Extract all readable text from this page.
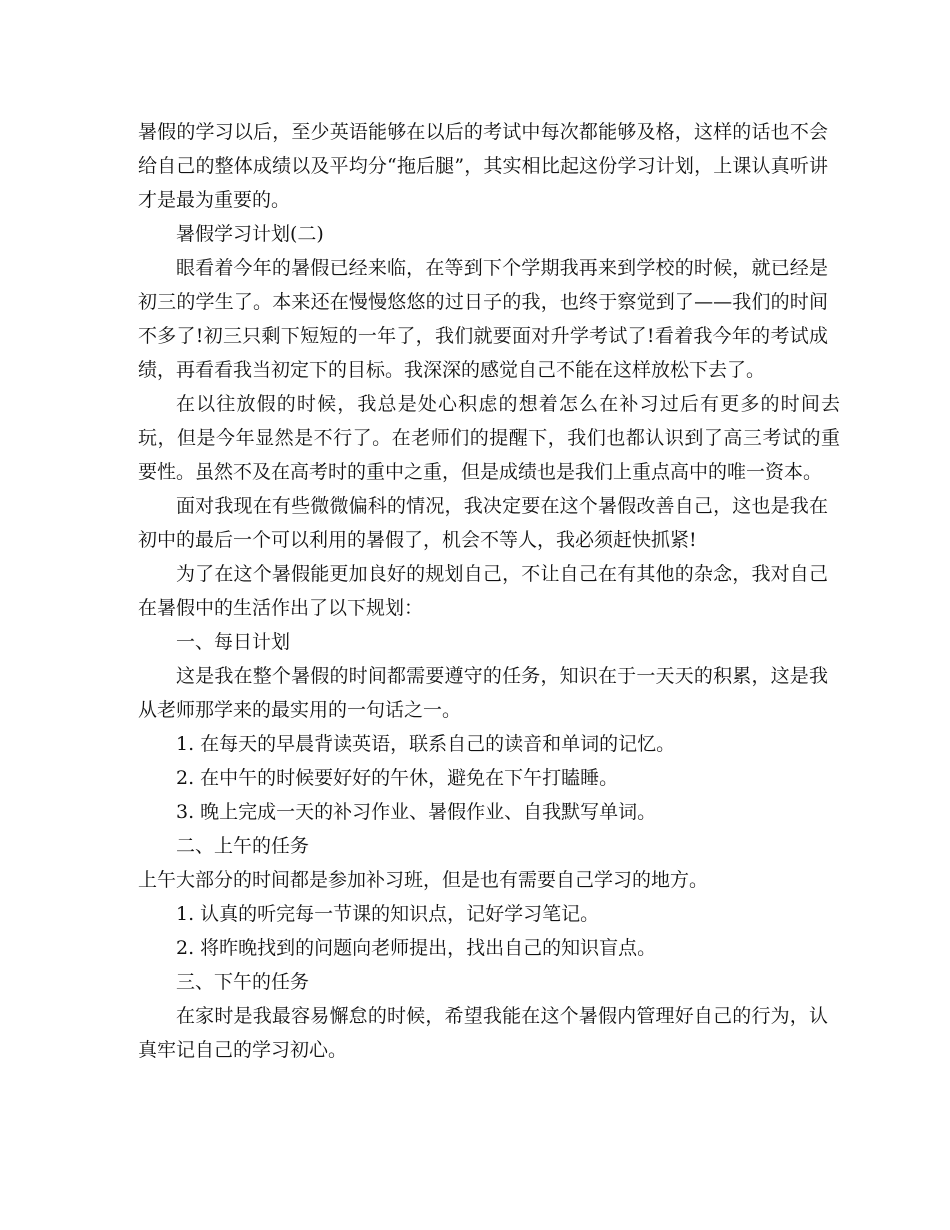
暑假的学习以后，至少英语能够在以后的考试中每次都能够及格，这样的话也不会给自己的整体成绩以及平均分“拖后腿”，其实相比起这份学习计划，上课认真听讲才是最为重要的。

暑假学习计划(二)

眼看着今年的暑假已经来临，在等到下个学期我再来到学校的时候，就已经是初三的学生了。本来还在慢慢悠悠的过日子的我，也终于察觉到了——我们的时间不多了!初三只剩下短短的一年了，我们就要面对升学考试了!看着我今年的考试成绩，再看看我当初定下的目标。我深深的感觉自己不能在这样放松下去了。

在以往放假的时候，我总是处心积虑的想着怎么在补习过后有更多的时间去玩，但是今年显然是不行了。在老师们的提醒下，我们也都认识到了高三考试的重要性。虽然不及在高考时的重中之重，但是成绩也是我们上重点高中的唯一资本。

面对我现在有些微微偏科的情况，我决定要在这个暑假改善自己，这也是我在初中的最后一个可以利用的暑假了，机会不等人，我必须赶快抓紧!

为了在这个暑假能更加良好的规划自己，不让自己在有其他的杂念，我对自己在暑假中的生活作出了以下规划：

一、每日计划

这是我在整个暑假的时间都需要遵守的任务，知识在于一天天的积累，这是我从老师那学来的最实用的一句话之一。

1. 在每天的早晨背读英语，联系自己的读音和单词的记忆。

2. 在中午的时候要好好的午休，避免在下午打瞌睡。

3. 晚上完成一天的补习作业、暑假作业、自我默写单词。

二、上午的任务

上午大部分的时间都是参加补习班，但是也有需要自己学习的地方。

1. 认真的听完每一节课的知识点，记好学习笔记。

2. 将昨晚找到的问题向老师提出，找出自己的知识盲点。

三、下午的任务

在家时是我最容易懈怠的时候，希望我能在这个暑假内管理好自己的行为，认真牢记自己的学习初心。
